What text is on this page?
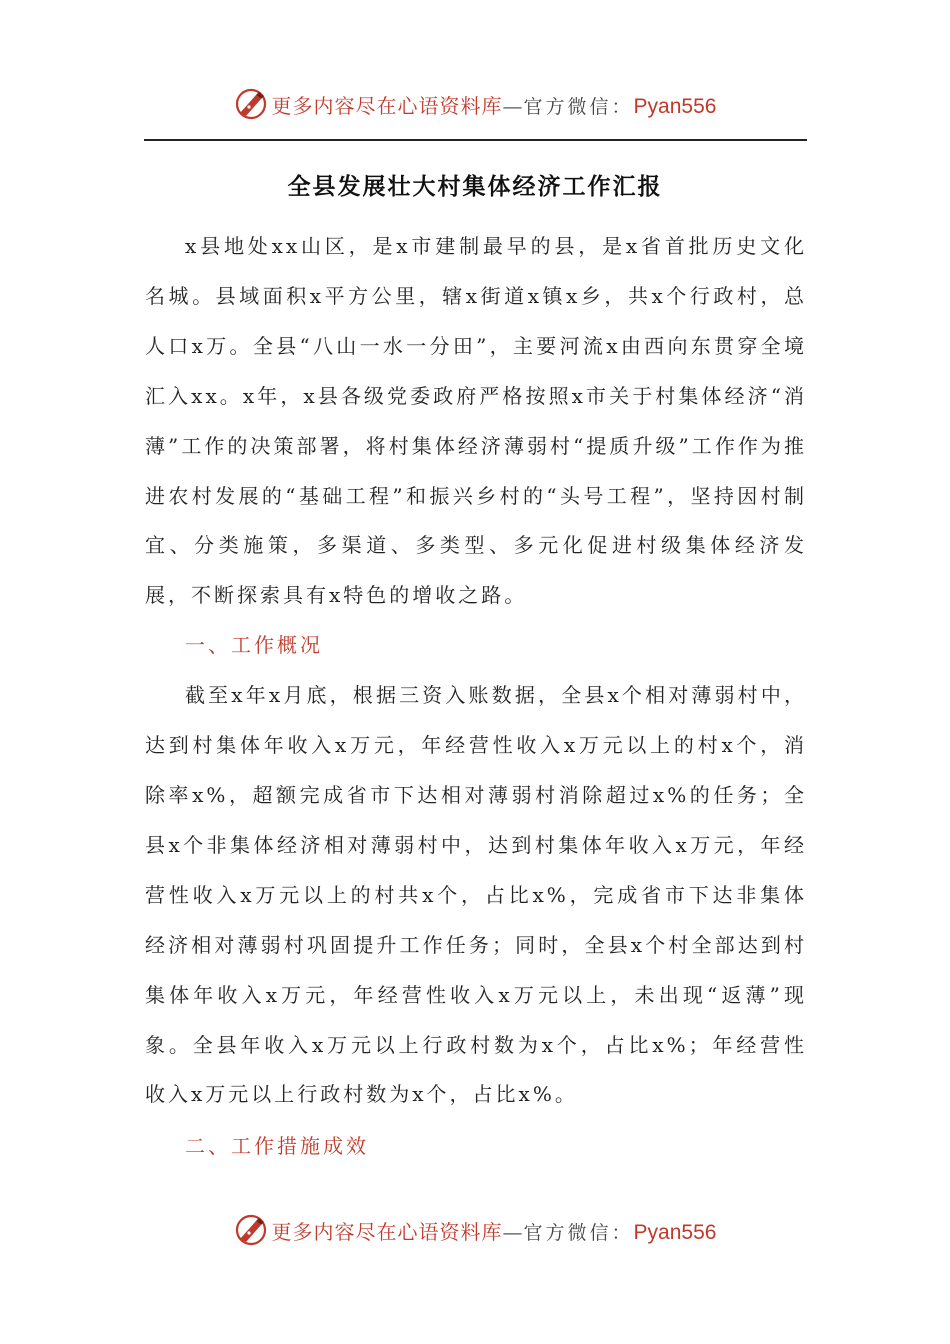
更多内容尽在心语资料库—官方微信：Pyan556
全县发展壮大村集体经济工作汇报

x县地处xx山区，是x市建制最早的县，是x省首批历史文化名城。县域面积x平方公里，辖x街道x镇x乡，共x个行政村，总人口x万。全县“八山一水一分田”，主要河流x由西向东贯穿全境汇入xx。x年，x县各级党委政府严格按照x市关于村集体经济“消薄”工作的决策部署，将村集体经济薄弱村“提质升级”工作作为推进农村发展的“基础工程”和振兴乡村的“头号工程”，坚持因村制宜、分类施策，多渠道、多类型、多元化促进村级集体经济发展，不断探索具有x特色的增收之路。

一、工作概况

截至x年x月底，根据三资入账数据，全县x个相对薄弱村中，达到村集体年收入x万元，年经营性收入x万元以上的村x个，消除率x%，超额完成省市下达相对薄弱村消除超过x%的任务；全县x个非集体经济相对薄弱村中，达到村集体年收入x万元，年经营性收入x万元以上的村共x个，占比x%，完成省市下达非集体经济相对薄弱村巩固提升工作任务；同时，全县x个村全部达到村集体年收入x万元，年经营性收入x万元以上，未出现“返薄”现象。全县年收入x万元以上行政村数为x个，占比x%；年经营性收入x万元以上行政村数为x个，占比x%。

二、工作措施成效

更多内容尽在心语资料库—官方微信：Pyan556
